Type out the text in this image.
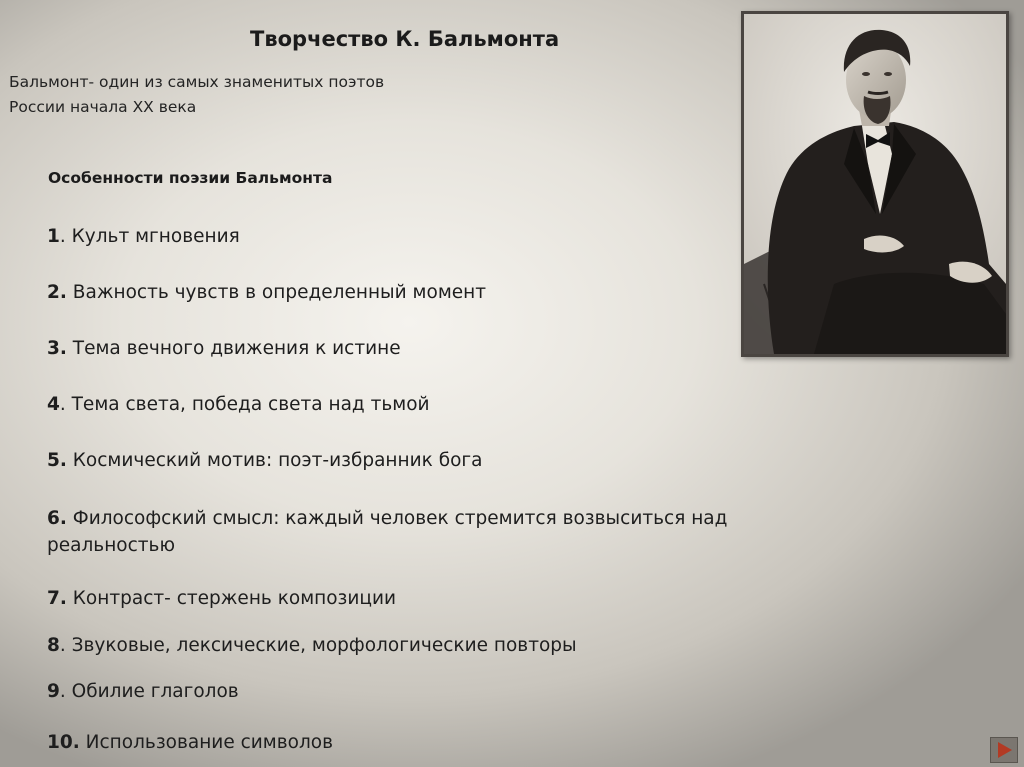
Творчество К. Бальмонта
Бальмонт- один из самых знаменитых поэтов
России начала XX века
Особенности поэзии Бальмонта
1. Культ мгновения
2. Важность чувств в определенный момент
3. Тема вечного движения к истине
4. Тема света, победа света над тьмой
5. Космический мотив: поэт-избранник бога
6. Философский смысл: каждый человек стремится возвыситься над реальностью
7. Контраст- стержень композиции
8. Звуковые, лексические, морфологические повторы
9. Обилие глаголов
10. Использование символов
